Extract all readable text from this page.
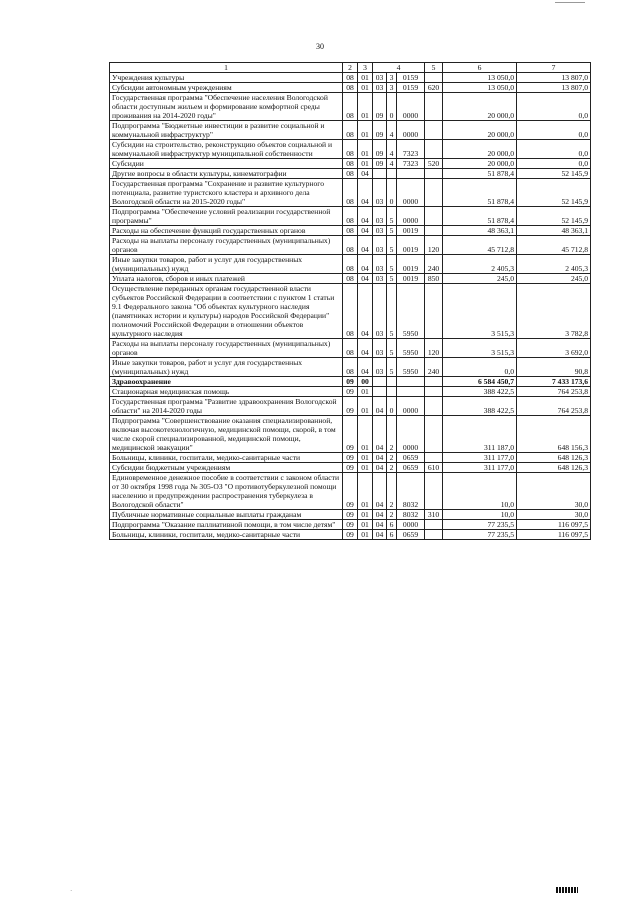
30
1	2	3	4			5	6	7
Учреждения культуры	08	01	03	3	0159		13 050,0	13 807,0
Субсидии автономным учреждениям	08	01	03	3	0159	620	13 050,0	13 807,0
Государственная программа "Обеспечение населения Вологодской области доступным жильем и формирование комфортной среды проживания на 2014-2020 годы"	08	01	09	0	0000		20 000,0	0,0
Подпрограмма "Бюджетные инвестиции в развитие социальной и коммунальной инфраструктур"	08	01	09	4	0000		20 000,0	0,0
Субсидии на строительство, реконструкцию объектов социальной и коммунальной инфраструктур муниципальной собственности	08	01	09	4	7323		20 000,0	0,0
Субсидии	08	01	09	4	7323	520	20 000,0	0,0
Другие вопросы в области культуры, кинематографии	08	04					51 878,4	52 145,9
Государственная программа "Сохранение и развитие культурного потенциала, развитие туристского кластера и архивного дела Вологодской области на 2015-2020 годы"	08	04	03	0	0000		51 878,4	52 145,9
Подпрограмма "Обеспечение условий реализации государственной программы"	08	04	03	5	0000		51 878,4	52 145,9
Расходы на обеспечение функций государственных органов	08	04	03	5	0019		48 363,1	48 363,1
Расходы на выплаты персоналу государственных (муниципальных) органов	08	04	03	5	0019	120	45 712,8	45 712,8
Иные закупки товаров, работ и услуг для государственных (муниципальных) нужд	08	04	03	5	0019	240	2 405,3	2 405,3
Уплата налогов, сборов и иных платежей	08	04	03	5	0019	850	245,0	245,0
Осуществление переданных органам государственной власти субъектов Российской Федерации в соответствии с пунктом 1 статьи 9.1 Федерального закона "Об объектах культурного наследия (памятниках истории и культуры) народов Российской Федерации" полномочий Российской Федерации в отношении объектов культурного наследия	08	04	03	5	5950		3 515,3	3 782,8
Расходы на выплаты персоналу государственных (муниципальных) органов	08	04	03	5	5950	120	3 515,3	3 692,0
Иные закупки товаров, работ и услуг для государственных (муниципальных) нужд	08	04	03	5	5950	240	0,0	90,8
Здравоохранение	09	00					6 584 450,7	7 433 173,6
Стационарная медицинская помощь	09	01					388 422,5	764 253,8
Государственная программа "Развитие здравоохранения Вологодской области" на 2014-2020 годы	09	01	04	0	0000		388 422,5	764 253,8
Подпрограмма "Совершенствование оказания специализированной, включая высокотехнологичную, медицинской помощи, скорой, в том числе скорой специализированной, медицинской помощи, медицинской эвакуации"	09	01	04	2	0000		311 187,0	648 156,3
Больницы, клиники, госпитали, медико-санитарные части	09	01	04	2	0659		311 177,0	648 126,3
Субсидии бюджетным учреждениям	09	01	04	2	0659	610	311 177,0	648 126,3
Единовременное денежное пособие в соответствии с законом области от 30 октября 1998 года № 305-ОЗ "О противотуберкулезной помощи населению и предупреждении распространения туберкулеза в Вологодской области"	09	01	04	2	8032		10,0	30,0
Публичные нормативные социальные выплаты гражданам	09	01	04	2	8032	310	10,0	30,0
Подпрограмма "Оказание паллиативной помощи, в том числе детям"	09	01	04	6	0000		77 235,5	116 097,5
Больницы, клиники, госпитали, медико-санитарные части	09	01	04	6	0659		77 235,5	116 097,5
·
